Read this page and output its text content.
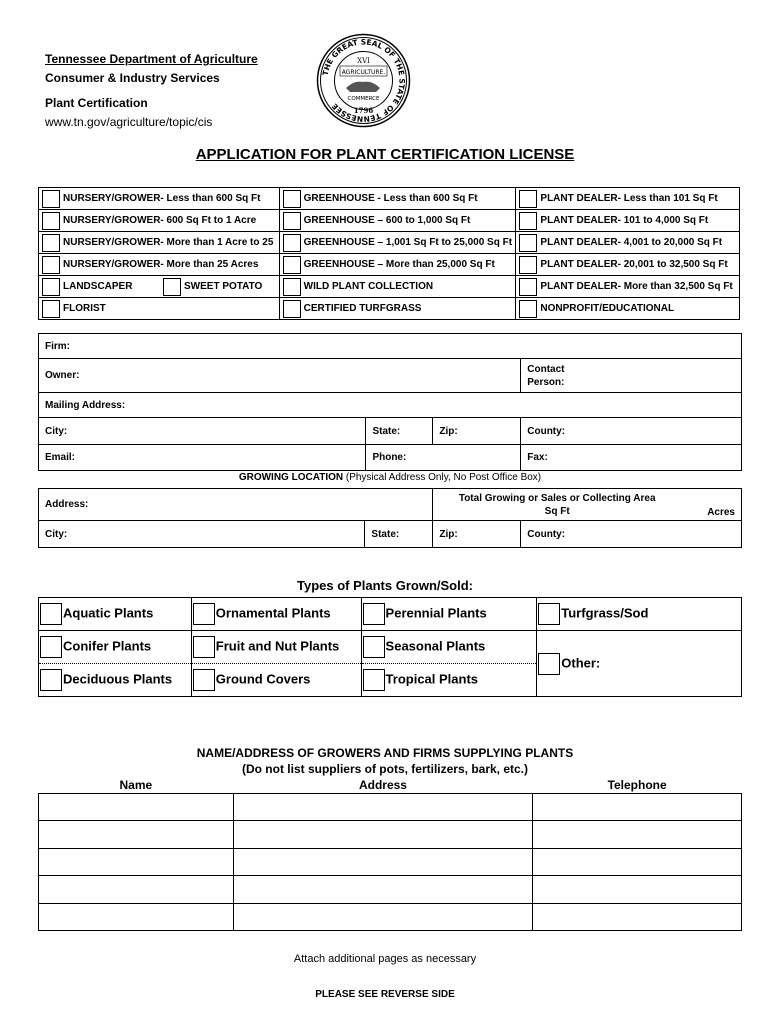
Tennessee Department of Agriculture
Consumer & Industry Services
Plant Certification
www.tn.gov/agriculture/topic/cis
THE GREAT SEAL OF THE STATE OF TENNESSEE
XVI
AGRICULTURE.
COMMERCE
1796
APPLICATION FOR PLANT CERTIFICATION LICENSE
NURSERY/GROWER- Less than 600 Sq Ft	GREENHOUSE - Less than 600 Sq Ft	PLANT DEALER- Less than 101 Sq Ft

NURSERY/GROWER- 600 Sq Ft to 1 Acre	GREENHOUSE – 600 to 1,000 Sq Ft	PLANT DEALER- 101 to 4,000 Sq Ft

NURSERY/GROWER- More than 1 Acre to 25	GREENHOUSE – 1,001 Sq Ft to 25,000 Sq Ft	PLANT DEALER- 4,001 to 20,000 Sq Ft

NURSERY/GROWER- More than 25 Acres	GREENHOUSE – More than 25,000 Sq Ft	PLANT DEALER- 20,001 to 32,500 Sq Ft

LANDSCAPER SWEET POTATO	WILD PLANT COLLECTION	PLANT DEALER- More than 32,500 Sq Ft

FLORIST	CERTIFIED TURFGRASS	NONPROFIT/EDUCATIONAL
Firm:			
Owner:			Contact Person:
Mailing Address:			
City:	State:	Zip:	County:
Email:	Phone:		Fax:
GROWING LOCATION (Physical Address Only, No Post Office Box)
Address:		Total Growing or Sales or Collecting Area
Sq Ft Acres	

City:	State:	Zip:	County:
Types of Plants Grown/Sold:
Aquatic Plants	Ornamental Plants	Perennial Plants	Turfgrass/Sod
Conifer Plants	Fruit and Nut Plants	Seasonal Plants	Other:
Deciduous Plants	Ground Covers	Tropical Plants	
NAME/ADDRESS OF GROWERS AND FIRMS SUPPLYING PLANTS
(Do not list suppliers of pots, fertilizers, bark, etc.)
Name	Address	Telephone

Attach additional pages as necessary
PLEASE SEE REVERSE SIDE
